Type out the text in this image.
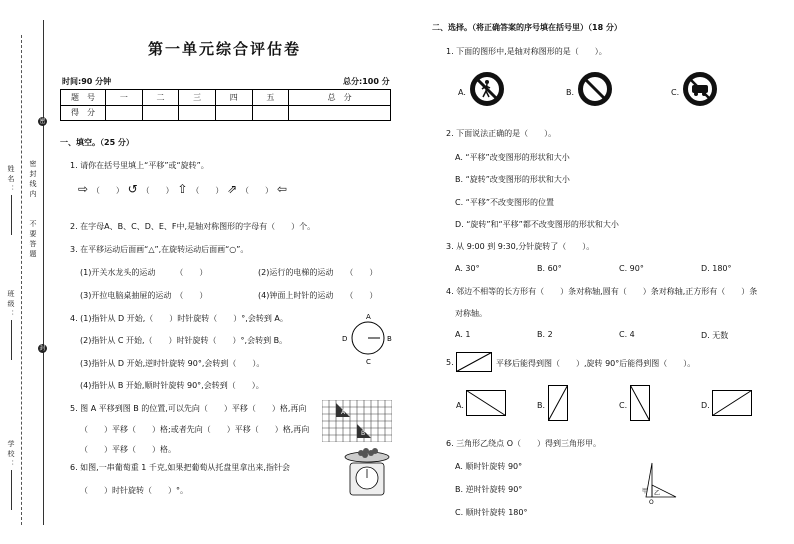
密
封
密封线内
不要答题
学校：
班级：
姓名：
第一单元综合评估卷
时间:90 分钟	总分:100 分
题　号	一	二	三	四	五	总　分
得　分						
一、填空。（25 分）
1. 请你在括号里填上“平移”或“旋转”。
⇨ （　　） ↺ （　　） ⇧ （　　） ⇗ （　　） ⇦
2. 在字母A、B、C、D、E、F中,是轴对称图形的字母有（　　）个。
3. 在平移运动后面画“△”,在旋转运动后面画“○”。
(1)开关水龙头的运动　　　（　　）	(2)运行的电梯的运动　　（　　）
(3)开拉电脑桌抽屉的运动　（　　）	(4)钟面上时针的运动　　（　　）
4. (1)指针从 D 开始,（　　）时针旋转（　　）°,会转到 A。
(2)指针从 C 开始,（　　）时针旋转（　　）°,会转到 B。
(3)指针从 D 开始,逆时针旋转 90°,会转到（　　）。
(4)指针从 B 开始,顺时针旋转 90°,会转到（　　）。
A
B
C
D
5. 图 A 平移到图 B 的位置,可以先向（　　）平移（　　）格,再向
（　　）平移（　　）格;或者先向（　　）平移（　　）格,再向
（　　）平移（　　）格。
A
B
6. 如图,一串葡萄重 1 千克,如果把葡萄从托盘里拿出来,指针会
（　　）时针旋转（　　）°。
二、选择。（将正确答案的序号填在括号里）（18 分）
1. 下面的图形中,是轴对称图形的是（　　）。
A.	B.	C.
2. 下面说法正确的是（　　）。
A. “平移”改变图形的形状和大小
B. “旋转”改变图形的形状和大小
C. “平移”不改变图形的位置
D. “旋转”和“平移”都不改变图形的形状和大小
3. 从 9:00 到 9:30,分针旋转了（　　）。
A. 30°	B. 60°	C. 90°	D. 180°
4. 邻边不相等的长方形有（　　）条对称轴,圆有（　　）条对称轴,正方形有（　　）条
对称轴。
A. 1	B. 2	C. 4	D. 无数
5.	平移后能得到图（　　）,旋转 90°后能得到图（　　）。
A.	B.	C.	D.
6. 三角形乙绕点 O（　　）得到三角形甲。
A. 顺时针旋转 90°
B. 逆时针旋转 90°
C. 顺时针旋转 180°
甲 乙
O
